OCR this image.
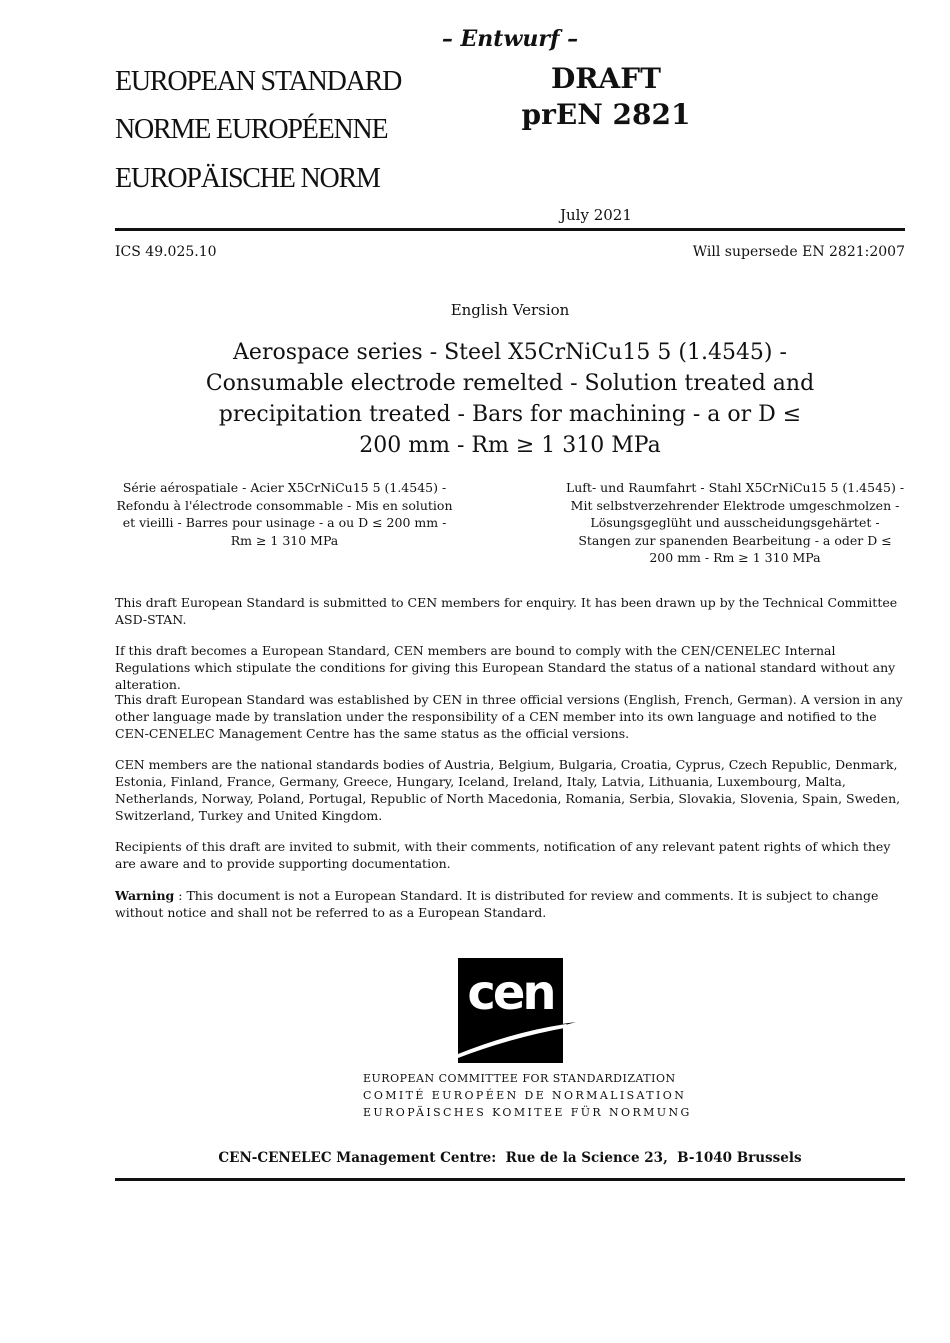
– Entwurf –
EUROPEAN STANDARD
NORME EUROPÉENNE
EUROPÄISCHE NORM
DRAFT
prEN 2821
July 2021
ICS 49.025.10	Will supersede EN 2821:2007
English Version
Aerospace series - Steel X5CrNiCu15 5 (1.4545) - Consumable electrode remelted - Solution treated and precipitation treated - Bars for machining - a or D ≤ 200 mm - Rm ≥ 1 310 MPa
Série aérospatiale - Acier X5CrNiCu15 5 (1.4545) - Refondu à l'électrode consommable - Mis en solution et vieilli - Barres pour usinage - a ou D ≤ 200 mm - Rm ≥ 1 310 MPa
Luft- und Raumfahrt - Stahl X5CrNiCu15 5 (1.4545) - Mit selbstverzehrender Elektrode umgeschmolzen - Lösungsgeglüht und ausscheidungsgehärtet - Stangen zur spanenden Bearbeitung - a oder D ≤ 200 mm - Rm ≥ 1 310 MPa

This draft European Standard is submitted to CEN members for enquiry. It has been drawn up by the Technical Committee ASD-STAN.

If this draft becomes a European Standard, CEN members are bound to comply with the CEN/CENELEC Internal Regulations which stipulate the conditions for giving this European Standard the status of a national standard without any alteration.

This draft European Standard was established by CEN in three official versions (English, French, German). A version in any other language made by translation under the responsibility of a CEN member into its own language and notified to the CEN-CENELEC Management Centre has the same status as the official versions.

CEN members are the national standards bodies of Austria, Belgium, Bulgaria, Croatia, Cyprus, Czech Republic, Denmark, Estonia, Finland, France, Germany, Greece, Hungary, Iceland, Ireland, Italy, Latvia, Lithuania, Luxembourg, Malta, Netherlands, Norway, Poland, Portugal, Republic of North Macedonia, Romania, Serbia, Slovakia, Slovenia, Spain, Sweden, Switzerland, Turkey and United Kingdom.

Recipients of this draft are invited to submit, with their comments, notification of any relevant patent rights of which they are aware and to provide supporting documentation.

Warning : This document is not a European Standard. It is distributed for review and comments. It is subject to change without notice and shall not be referred to as a European Standard.

cen
EUROPEAN COMMITTEE FOR STANDARDIZATION
COMITÉ EUROPÉEN DE NORMALISATION
EUROPÄISCHES KOMITEE FÜR NORMUNG
CEN-CENELEC Management Centre:  Rue de la Science 23,  B-1040 Brussels
